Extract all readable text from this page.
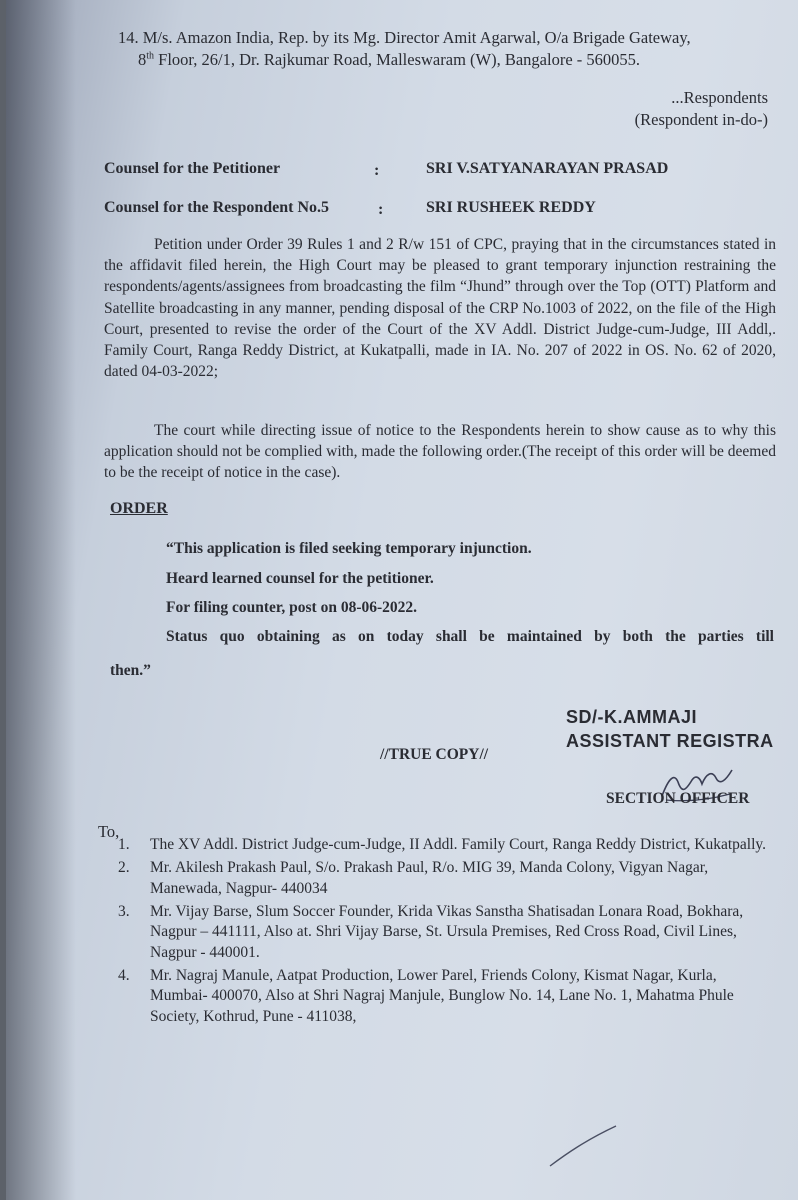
14. M/s. Amazon India, Rep. by its Mg. Director Amit Agarwal, O/a Brigade Gateway,
8th Floor, 26/1, Dr. Rajkumar Road, Malleswaram (W), Bangalore - 560055.
...Respondents
(Respondent in-do-)
Counsel for the Petitioner	:	SRI V.SATYANARAYAN PRASAD
Counsel for the Respondent No.5	:	SRI RUSHEEK REDDY

Petition under Order 39 Rules 1 and 2 R/w 151 of CPC, praying that in the circumstances stated in the affidavit filed herein, the High Court may be pleased to grant temporary injunction restraining the respondents/agents/assignees from broadcasting the film “Jhund” through over the Top (OTT) Platform and Satellite broadcasting in any manner, pending disposal of the CRP No.1003 of 2022, on the file of the High Court, presented to revise the order of the Court of the XV Addl. District Judge-cum-Judge, III Addl,. Family Court, Ranga Reddy District, at Kukatpalli, made in IA. No. 207 of 2022 in OS. No. 62 of 2020, dated 04-03-2022;

The court while directing issue of notice to the Respondents herein to show cause as to why this application should not be complied with, made the following order.(The receipt of this order will be deemed to be the receipt of notice in the case).

ORDER
“This application is filed seeking temporary injunction.
Heard learned counsel for the petitioner.
For filing counter, post on 08-06-2022.
Status quo obtaining as on today shall be maintained by both the parties till
then.”
SD/-K.AMMAJI
ASSISTANT REGISTRA
//TRUE COPY//
SECTION OFFICER
To,
1. The XV Addl. District Judge-cum-Judge, II Addl. Family Court, Ranga Reddy District, Kukatpally.
2. Mr. Akilesh Prakash Paul, S/o. Prakash Paul, R/o. MIG 39, Manda Colony, Vigyan Nagar, Manewada, Nagpur- 440034
3. Mr. Vijay Barse, Slum Soccer Founder, Krida Vikas Sanstha Shatisadan Lonara Road, Bokhara, Nagpur – 441111, Also at. Shri Vijay Barse, St. Ursula Premises, Red Cross Road, Civil Lines, Nagpur - 440001.
4. Mr. Nagraj Manule, Aatpat Production, Lower Parel, Friends Colony, Kismat Nagar, Kurla, Mumbai- 400070, Also at Shri Nagraj Manjule, Bunglow No. 14, Lane No. 1, Mahatma Phule Society, Kothrud, Pune - 411038,
